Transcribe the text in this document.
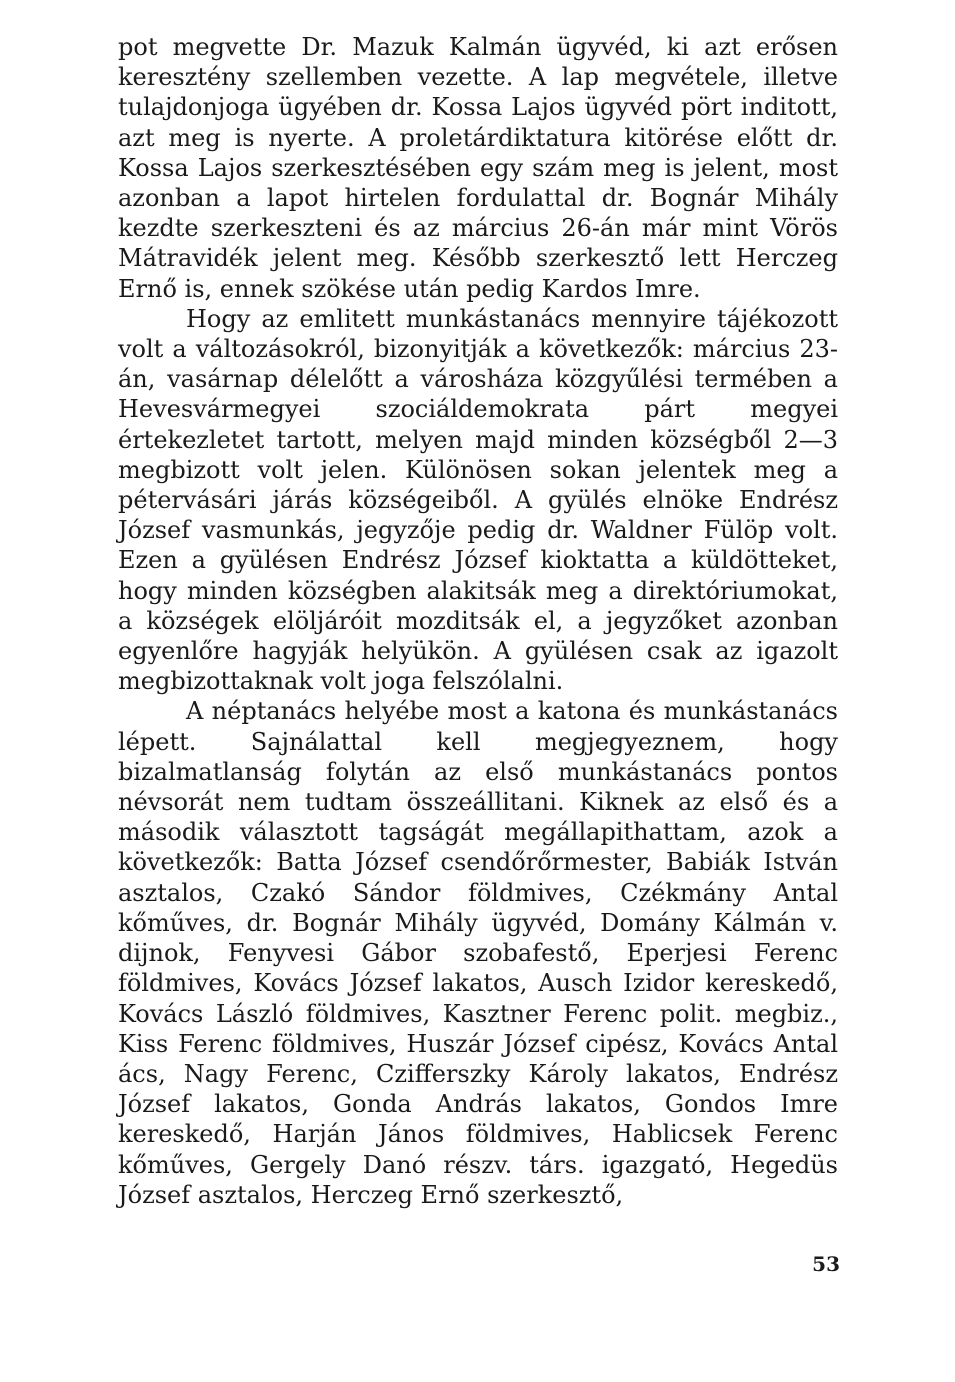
pot megvette Dr. Mazuk Kalmán ügyvéd, ki azt erősen keresztény szellemben vezette. A lap megvétele, illetve tulajdonjoga ügyében dr. Kossa Lajos ügyvéd pört inditott, azt meg is nyerte. A proletárdiktatura kitörése előtt dr. Kossa Lajos szerkesztésében egy szám meg is jelent, most azonban a lapot hirtelen fordulattal dr. Bognár Mihály kezdte szerkeszteni és az március 26-án már mint Vörös Mátravidék jelent meg. Később szerkesztő lett Herczeg Ernő is, ennek szökése után pedig Kardos Imre.

Hogy az emlitett munkástanács mennyire tájékozott volt a változásokról, bizonyitják a következők: március 23-án, vasárnap délelőtt a városháza közgyűlési termében a Hevesvármegyei szociáldemokrata párt megyei értekezletet tartott, melyen majd minden községből 2—3 megbizott volt jelen. Különösen sokan jelentek meg a pétervásári járás községeiből. A gyülés elnöke Endrész József vasmunkás, jegyzője pedig dr. Waldner Fülöp volt. Ezen a gyülésen Endrész József kioktatta a küldötteket, hogy minden községben alakitsák meg a direktóriumokat, a községek elöljáróit mozditsák el, a jegyzőket azonban egyenlőre hagyják helyükön. A gyülésen csak az igazolt megbizottaknak volt joga felszólalni.

A néptanács helyébe most a katona és munkástanács lépett. Sajnálattal kell megjegyeznem, hogy bizalmatlanság folytán az első munkástanács pontos névsorát nem tudtam összeállitani. Kiknek az első és a második választott tagságát megállapithattam, azok a következők: Batta József csendőrőrmester, Babiák István asztalos, Czakó Sándor földmives, Czékmány Antal kőműves, dr. Bognár Mihály ügyvéd, Domány Kálmán v. dijnok, Fenyvesi Gábor szobafestő, Eperjesi Ferenc földmives, Kovács József lakatos, Ausch Izidor kereskedő, Kovács László földmives, Kasztner Ferenc polit. megbiz., Kiss Ferenc földmives, Huszár József cipész, Kovács Antal ács, Nagy Ferenc, Czifferszky Károly lakatos, Endrész József lakatos, Gonda András lakatos, Gondos Imre kereskedő, Harján János földmives, Hablicsek Ferenc kőműves, Gergely Danó részv. társ. igazgató, Hegedüs József asztalos, Herczeg Ernő szerkesztő,

53
